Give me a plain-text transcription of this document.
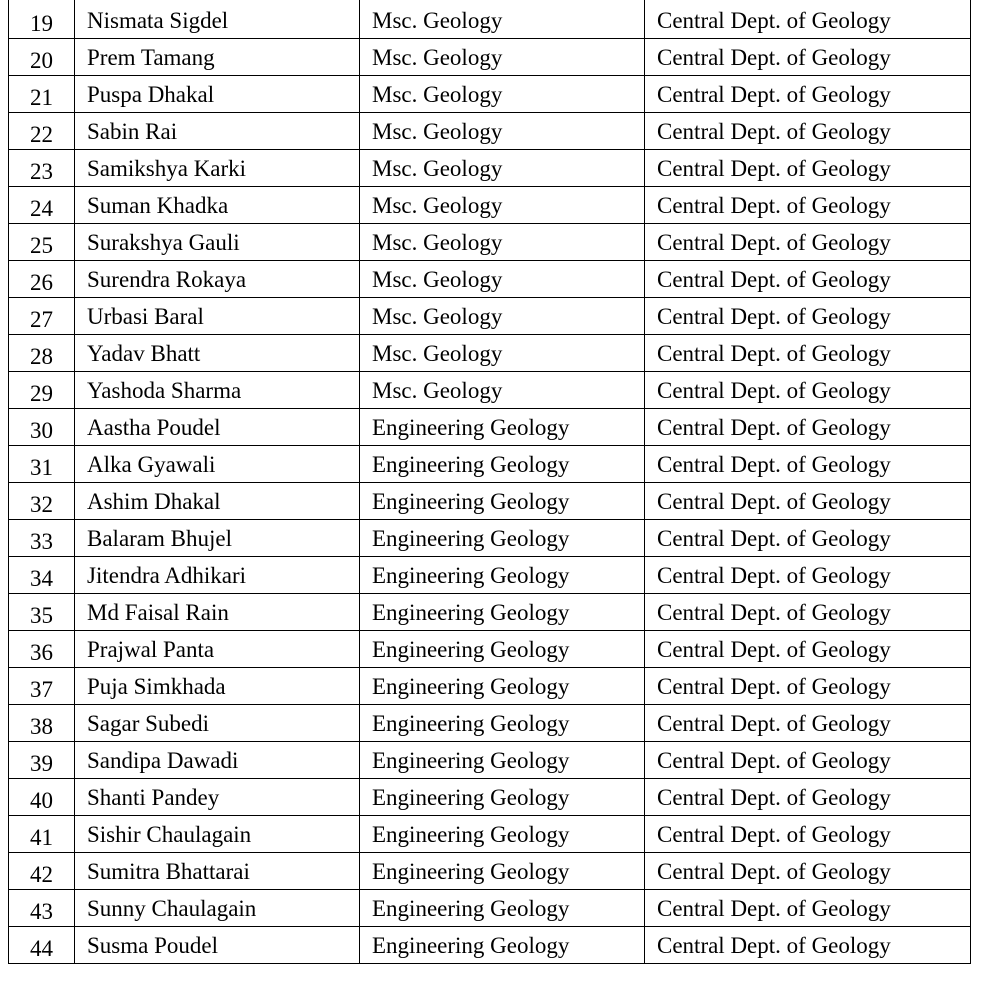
19	Nismata Sigdel	Msc. Geology	Central Dept. of Geology
20	Prem Tamang	Msc. Geology	Central Dept. of Geology
21	Puspa Dhakal	Msc. Geology	Central Dept. of Geology
22	Sabin Rai	Msc. Geology	Central Dept. of Geology
23	Samikshya Karki	Msc. Geology	Central Dept. of Geology
24	Suman Khadka	Msc. Geology	Central Dept. of Geology
25	Surakshya Gauli	Msc. Geology	Central Dept. of Geology
26	Surendra Rokaya	Msc. Geology	Central Dept. of Geology
27	Urbasi Baral	Msc. Geology	Central Dept. of Geology
28	Yadav Bhatt	Msc. Geology	Central Dept. of Geology
29	Yashoda Sharma	Msc. Geology	Central Dept. of Geology
30	Aastha Poudel	Engineering Geology	Central Dept. of Geology
31	Alka Gyawali	Engineering Geology	Central Dept. of Geology
32	Ashim Dhakal	Engineering Geology	Central Dept. of Geology
33	Balaram Bhujel	Engineering Geology	Central Dept. of Geology
34	Jitendra Adhikari	Engineering Geology	Central Dept. of Geology
35	Md Faisal Rain	Engineering Geology	Central Dept. of Geology
36	Prajwal Panta	Engineering Geology	Central Dept. of Geology
37	Puja Simkhada	Engineering Geology	Central Dept. of Geology
38	Sagar Subedi	Engineering Geology	Central Dept. of Geology
39	Sandipa Dawadi	Engineering Geology	Central Dept. of Geology
40	Shanti Pandey	Engineering Geology	Central Dept. of Geology
41	Sishir Chaulagain	Engineering Geology	Central Dept. of Geology
42	Sumitra Bhattarai	Engineering Geology	Central Dept. of Geology
43	Sunny Chaulagain	Engineering Geology	Central Dept. of Geology
44	Susma Poudel	Engineering Geology	Central Dept. of Geology
